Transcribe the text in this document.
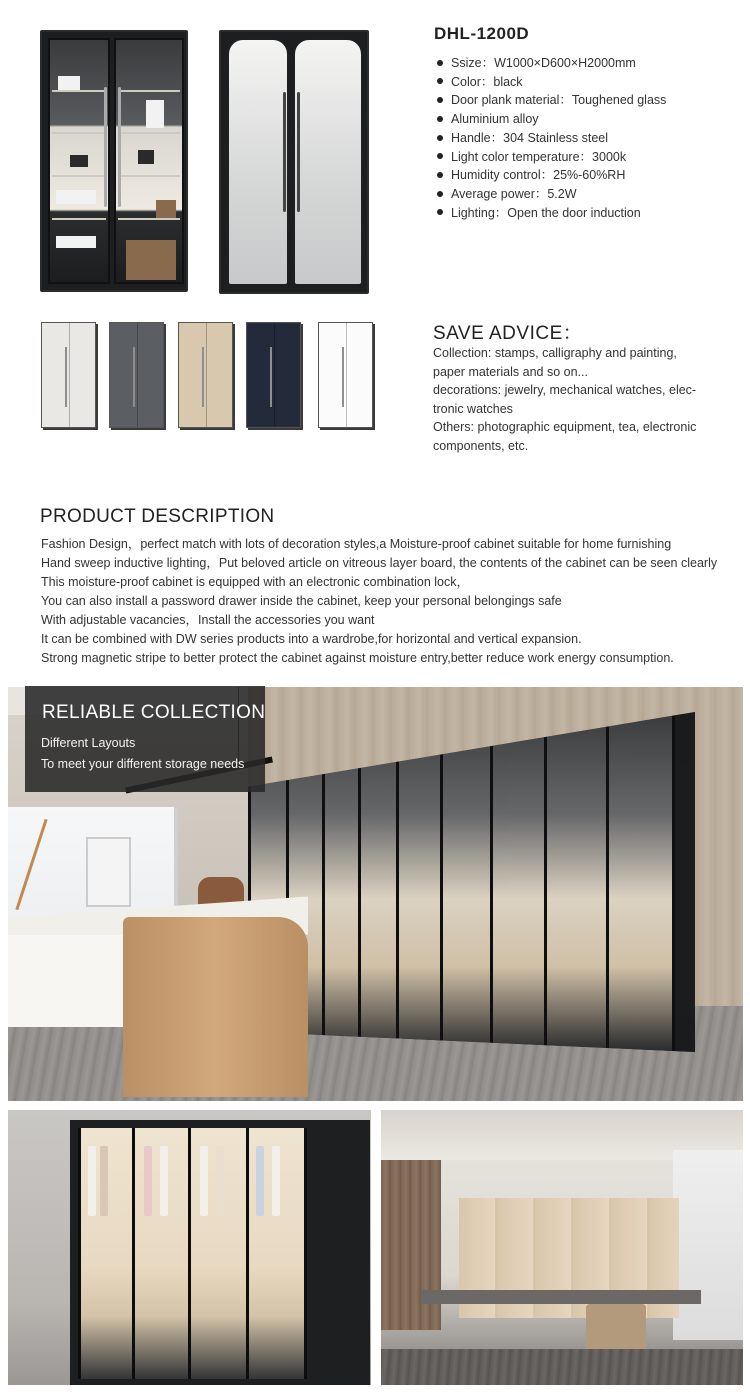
DHL-1200D
Ssize：W1000×D600×H2000mm
Color：black
Door plank material：Toughened glass
Aluminium alloy
Handle：304 Stainless steel
Light color temperature：3000k
Humidity control：25%-60%RH
Average power：5.2W
Lighting：Open the door induction
SAVE ADVICE：

Collection: stamps, calligraphy and painting,

paper materials and so on...

decorations: jewelry, mechanical watches, elec-

tronic watches

Others: photographic equipment, tea, electronic

components, etc.

PRODUCT DESCRIPTION

Fashion Design，perfect match with lots of decoration styles,a Moisture-proof cabinet suitable for home furnishing

Hand sweep inductive lighting，Put beloved article on vitreous layer board, the contents of the cabinet can be seen clearly

This moisture-proof cabinet is equipped with an electronic combination lock，

You can also install a password drawer inside the cabinet, keep your personal belongings safe

With adjustable vacancies，Install the accessories you want

It can be combined with DW series products into a wardrobe,for horizontal and vertical expansion.

Strong magnetic stripe to better protect the cabinet against moisture entry,better reduce work energy consumption.

RELIABLE COLLECTION
Different Layouts
To meet your different storage needs
